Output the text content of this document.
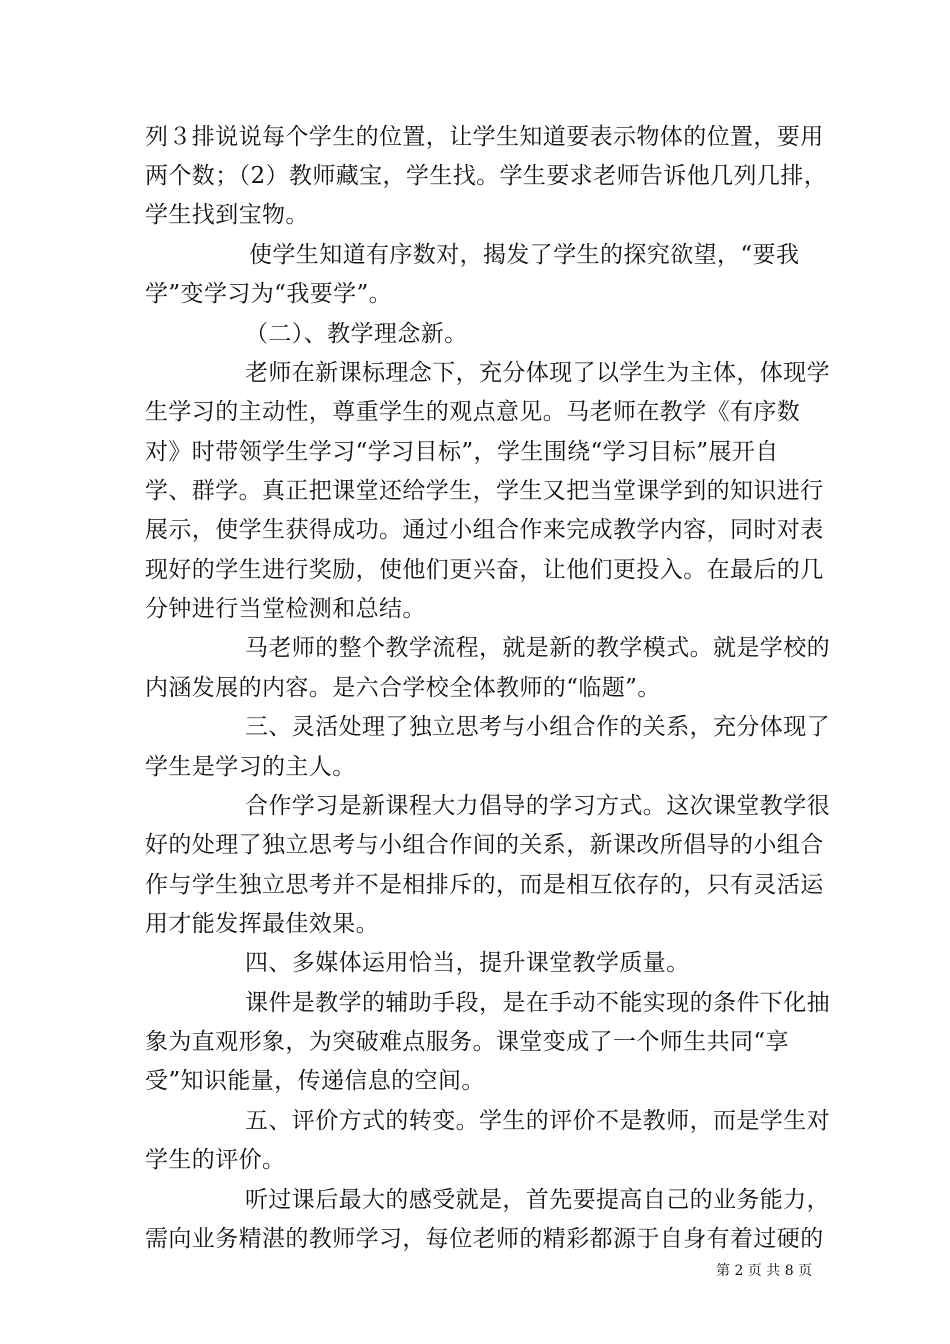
列３排说说每个学生的位置，让学生知道要表示物体的位置，要用
两个数；（2）教师藏宝，学生找。学生要求老师告诉他几列几排，
学生找到宝物。
使学生知道有序数对，揭发了学生的探究欲望，“要我
学”变学习为“我要学”。
（二）、教学理念新。
老师在新课标理念下，充分体现了以学生为主体，体现学
生学习的主动性，尊重学生的观点意见。马老师在教学《有序数
对》时带领学生学习“学习目标”，学生围绕“学习目标”展开自
学、群学。真正把课堂还给学生，学生又把当堂课学到的知识进行
展示，使学生获得成功。通过小组合作来完成教学内容，同时对表
现好的学生进行奖励，使他们更兴奋，让他们更投入。在最后的几
分钟进行当堂检测和总结。
马老师的整个教学流程，就是新的教学模式。就是学校的
内涵发展的内容。是六合学校全体教师的“临题”。
三、灵活处理了独立思考与小组合作的关系，充分体现了
学生是学习的主人。
合作学习是新课程大力倡导的学习方式。这次课堂教学很
好的处理了独立思考与小组合作间的关系，新课改所倡导的小组合
作与学生独立思考并不是相排斥的，而是相互依存的，只有灵活运
用才能发挥最佳效果。
四、多媒体运用恰当，提升课堂教学质量。
课件是教学的辅助手段，是在手动不能实现的条件下化抽
象为直观形象，为突破难点服务。课堂变成了一个师生共同“享
受”知识能量，传递信息的空间。
五、评价方式的转变。学生的评价不是教师，而是学生对
学生的评价。
听过课后最大的感受就是，首先要提高自己的业务能力，
需向业务精湛的教师学习，每位老师的精彩都源于自身有着过硬的
第 2 页 共 8 页
